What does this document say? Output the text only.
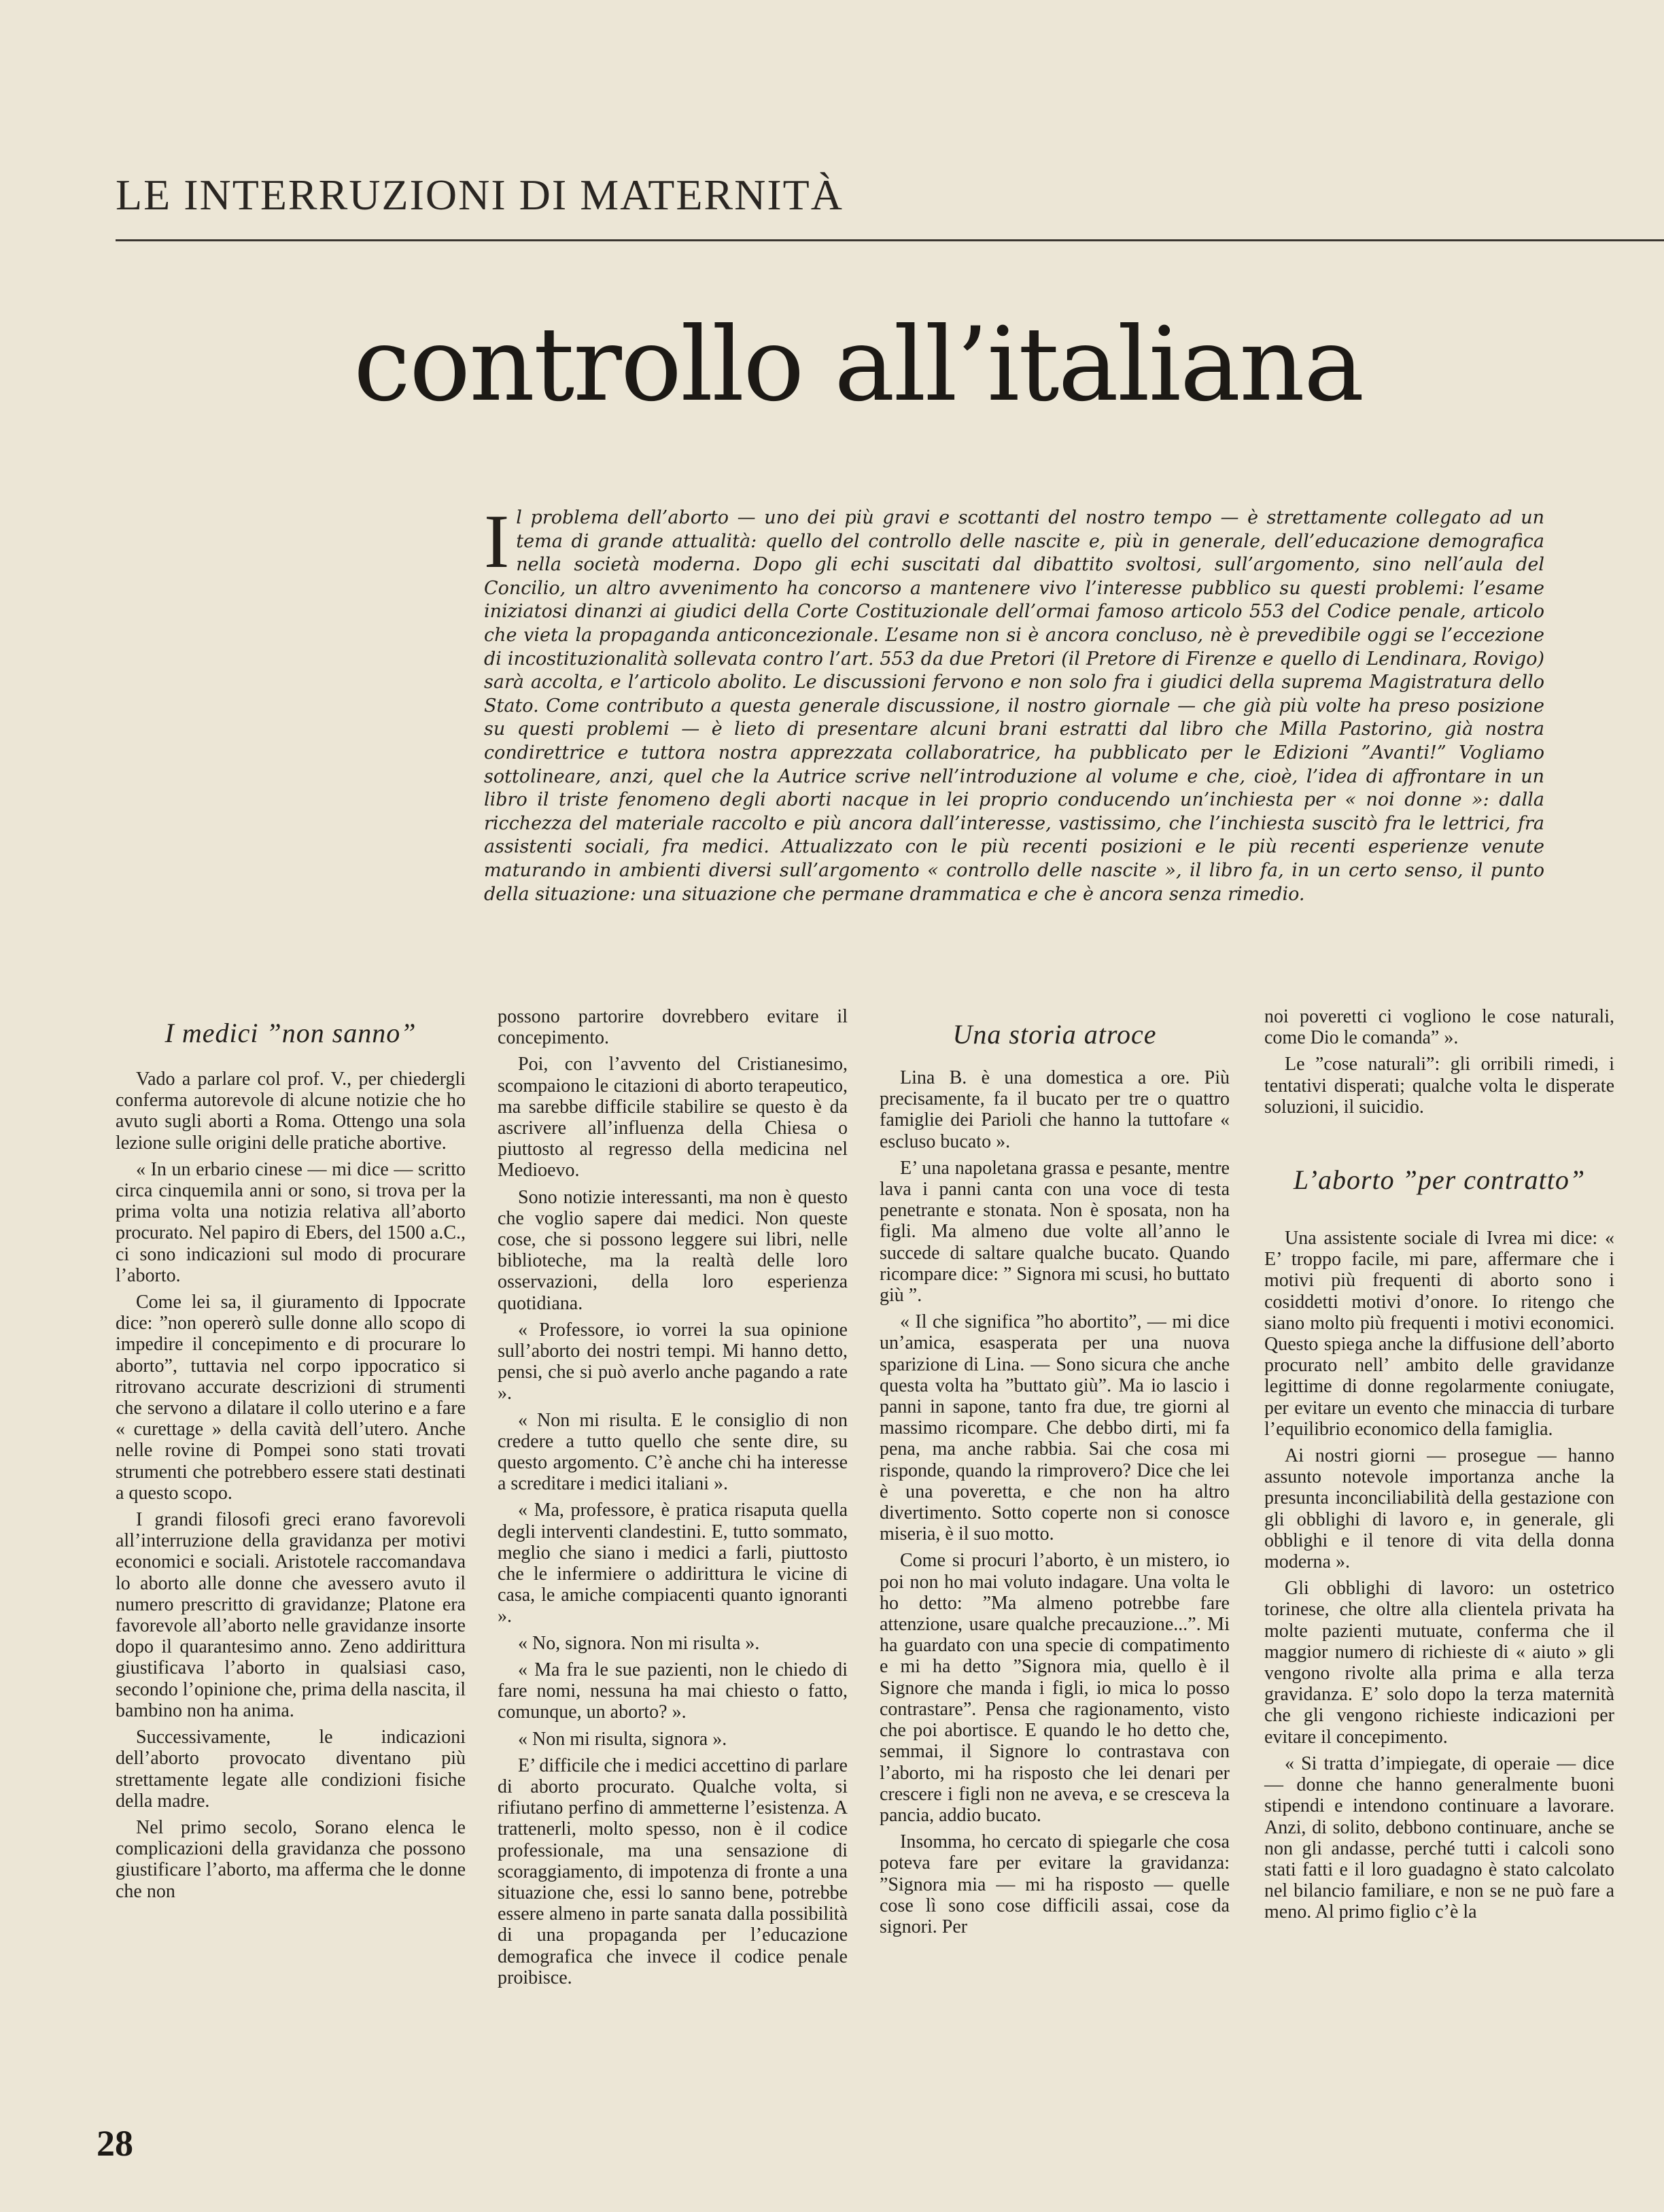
LE INTERRUZIONI DI MATERNITÀ
controllo all’italiana
Il problema dell’aborto — uno dei più gravi e scottanti del nostro tempo — è strettamente collegato ad un tema di grande attualità: quello del controllo delle nascite e, più in generale, dell’educazione demografica nella società moderna. Dopo gli echi suscitati dal dibattito svoltosi, sull’argomento, sino nell’aula del Concilio, un altro avvenimento ha concorso a mantenere vivo l’interesse pubblico su questi problemi: l’esame iniziatosi dinanzi ai giudici della Corte Costituzionale dell’ormai famoso articolo 553 del Codice penale, articolo che vieta la propaganda anticoncezionale. L’esame non si è ancora concluso, nè è prevedibile oggi se l’eccezione di incostituzionalità sollevata contro l’art. 553 da due Pretori (il Pretore di Firenze e quello di Lendinara, Rovigo) sarà accolta, e l’articolo abolito. Le discussioni fervono e non solo fra i giudici della suprema Magistratura dello Stato. Come contributo a questa generale discussione, il nostro giornale — che già più volte ha preso posizione su questi problemi — è lieto di presentare alcuni brani estratti dal libro che Milla Pastorino, già nostra condirettrice e tuttora nostra apprezzata collaboratrice, ha pubblicato per le Edizioni ”Avanti!” Vogliamo sottolineare, anzi, quel che la Autrice scrive nell’introduzione al volume e che, cioè, l’idea di affrontare in un libro il triste fenomeno degli aborti nacque in lei proprio conducendo un’inchiesta per « noi donne »: dalla ricchezza del materiale raccolto e più ancora dall’interesse, vastissimo, che l’inchiesta suscitò fra le lettrici, fra assistenti sociali, fra medici. Attualizzato con le più recenti posizioni e le più recenti esperienze venute maturando in ambienti diversi sull’argomento « controllo delle nascite », il libro fa, in un certo senso, il punto della situazione: una situazione che permane drammatica e che è ancora senza rimedio.
I medici ”non sanno”

Vado a parlare col prof. V., per chiedergli conferma autorevole di alcune notizie che ho avuto sugli aborti a Roma. Ottengo una sola lezione sulle origini delle pratiche abortive.

« In un erbario cinese — mi dice — scritto circa cinquemila anni or sono, si trova per la prima volta una notizia relativa all’aborto procurato. Nel papiro di Ebers, del 1500 a.C., ci sono indicazioni sul modo di procurare l’aborto.

Come lei sa, il giuramento di Ippocrate dice: ”non opererò sulle donne allo scopo di impedire il concepimento e di procurare lo aborto”, tuttavia nel corpo ippocratico si ritrovano accurate descrizioni di strumenti che servono a dilatare il collo uterino e a fare « curettage » della cavità dell’utero. Anche nelle rovine di Pompei sono stati trovati strumenti che potrebbero essere stati destinati a questo scopo.

I grandi filosofi greci erano favorevoli all’interruzione della gravidanza per motivi economici e sociali. Aristotele raccomandava lo aborto alle donne che avessero avuto il numero prescritto di gravidanze; Platone era favorevole all’aborto nelle gravidanze insorte dopo il quarantesimo anno. Zeno addirittura giustificava l’aborto in qualsiasi caso, secondo l’opinione che, prima della nascita, il bambino non ha anima.

Successivamente, le indicazioni dell’aborto provocato diventano più strettamente legate alle condizioni fisiche della madre.

Nel primo secolo, Sorano elenca le complicazioni della gravidanza che possono giustificare l’aborto, ma afferma che le donne che non

possono partorire dovrebbero evitare il concepimento.

Poi, con l’avvento del Cristianesimo, scompaiono le citazioni di aborto terapeutico, ma sarebbe difficile stabilire se questo è da ascrivere all’influenza della Chiesa o piuttosto al regresso della medicina nel Medioevo.

Sono notizie interessanti, ma non è questo che voglio sapere dai medici. Non queste cose, che si possono leggere sui libri, nelle biblioteche, ma la realtà delle loro osservazioni, della loro esperienza quotidiana.

« Professore, io vorrei la sua opinione sull’aborto dei nostri tempi. Mi hanno detto, pensi, che si può averlo anche pagando a rate ».

« Non mi risulta. E le consiglio di non credere a tutto quello che sente dire, su questo argomento. C’è anche chi ha interesse a screditare i medici italiani ».

« Ma, professore, è pratica risaputa quella degli interventi clandestini. E, tutto sommato, meglio che siano i medici a farli, piuttosto che le infermiere o addirittura le vicine di casa, le amiche compiacenti quanto ignoranti ».

« No, signora. Non mi risulta ».

« Ma fra le sue pazienti, non le chiedo di fare nomi, nessuna ha mai chiesto o fatto, comunque, un aborto? ».

« Non mi risulta, signora ».

E’ difficile che i medici accettino di parlare di aborto procurato. Qualche volta, si rifiutano perfino di ammetterne l’esistenza. A trattenerli, molto spesso, non è il codice professionale, ma una sensazione di scoraggiamento, di impotenza di fronte a una situazione che, essi lo sanno bene, potrebbe essere almeno in parte sanata dalla possibilità di una propaganda per l’educazione demografica che invece il codice penale proibisce.

Una storia atroce

Lina B. è una domestica a ore. Più precisamente, fa il bucato per tre o quattro famiglie dei Parioli che hanno la tuttofare « escluso bucato ».

E’ una napoletana grassa e pesante, mentre lava i panni canta con una voce di testa penetrante e stonata. Non è sposata, non ha figli. Ma almeno due volte all’anno le succede di saltare qualche bucato. Quando ricompare dice: ” Signora mi scusi, ho buttato giù ”.

« Il che significa ”ho abortito”, — mi dice un’amica, esasperata per una nuova sparizione di Lina. — Sono sicura che anche questa volta ha ”buttato giù”. Ma io lascio i panni in sapone, tanto fra due, tre giorni al massimo ricompare. Che debbo dirti, mi fa pena, ma anche rabbia. Sai che cosa mi risponde, quando la rimprovero? Dice che lei è una poveretta, e che non ha altro divertimento. Sotto coperte non si conosce miseria, è il suo motto.

Come si procuri l’aborto, è un mistero, io poi non ho mai voluto indagare. Una volta le ho detto: ”Ma almeno potrebbe fare attenzione, usare qualche precauzione...”. Mi ha guardato con una specie di compatimento e mi ha detto ”Signora mia, quello è il Signore che manda i figli, io mica lo posso contrastare”. Pensa che ragionamento, visto che poi abortisce. E quando le ho detto che, semmai, il Signore lo contrastava con l’aborto, mi ha risposto che lei denari per crescere i figli non ne aveva, e se cresceva la pancia, addio bucato.

Insomma, ho cercato di spiegarle che cosa poteva fare per evitare la gravidanza: ”Signora mia — mi ha risposto — quelle cose lì sono cose difficili assai, cose da signori. Per

noi poveretti ci vogliono le cose naturali, come Dio le comanda” ».

Le ”cose naturali”: gli orribili rimedi, i tentativi disperati; qualche volta le disperate soluzioni, il suicidio.

L’aborto ”per contratto”

Una assistente sociale di Ivrea mi dice: « E’ troppo facile, mi pare, affermare che i motivi più frequenti di aborto sono i cosiddetti motivi d’onore. Io ritengo che siano molto più frequenti i motivi economici. Questo spiega anche la diffusione dell’aborto procurato nell’ ambito delle gravidanze legittime di donne regolarmente coniugate, per evitare un evento che minaccia di turbare l’equilibrio economico della famiglia.

Ai nostri giorni — prosegue — hanno assunto notevole importanza anche la presunta inconciliabilità della gestazione con gli obblighi di lavoro e, in generale, gli obblighi e il tenore di vita della donna moderna ».

Gli obblighi di lavoro: un ostetrico torinese, che oltre alla clientela privata ha molte pazienti mutuate, conferma che il maggior numero di richieste di « aiuto » gli vengono rivolte alla prima e alla terza gravidanza. E’ solo dopo la terza maternità che gli vengono richieste indicazioni per evitare il concepimento.

« Si tratta d’impiegate, di operaie — dice — donne che hanno generalmente buoni stipendi e intendono continuare a lavorare. Anzi, di solito, debbono continuare, anche se non gli andasse, perché tutti i calcoli sono stati fatti e il loro guadagno è stato calcolato nel bilancio familiare, e non se ne può fare a meno. Al primo figlio c’è la

28
